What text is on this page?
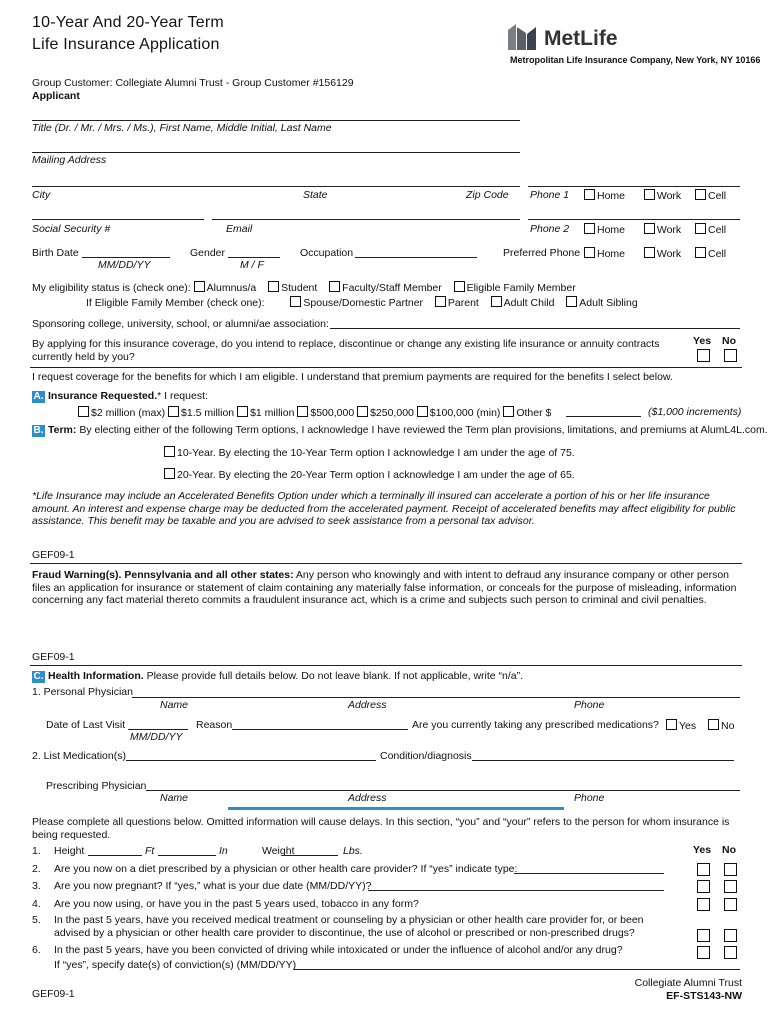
10-Year And 20-Year Term
Life Insurance Application	MetLife
Metropolitan Life Insurance Company, New York, NY 10166
Group Customer: Collegiate Alumni Trust - Group Customer #156129
Applicant
Title (Dr. / Mr. / Mrs. / Ms.), First Name, Middle Initial, Last Name
Mailing Address
City	State	Zip Code Phone 1	Home	Work	Cell
Social Security #	Email	Phone 2	Home	Work	Cell
Birth Date
MM/DD/YY
Gender
M / F
Occupation	Preferred Phone	Home	Work	Cell
My eligibility status is (check one): Alumnus/a Student Faculty/Staff Member Eligible Family Member
If Eligible Family Member (check one):	Spouse/Domestic Partner Parent Adult Child Adult Sibling
Sponsoring college, university, school, or alumni/ae association:
By applying for this insurance coverage, do you intend to replace, discontinue or change any existing life insurance or annuity contracts
currently held by you?
Yes No
I request coverage for the benefits for which I am eligible. I understand that premium payments are required for the benefits I select below.
A. Insurance Requested.* I request:
$2 million (max) $1.5 million $1 million $500,000 $250,000 $100,000 (min) Other $	($1,000 increments)
B. Term: By electing either of the following Term options, I acknowledge I have reviewed the Term plan provisions, limitations, and premiums at AlumL4L.com.
10-Year. By electing the 10-Year Term option I acknowledge I am under the age of 75.
20-Year. By electing the 20-Year Term option I acknowledge I am under the age of 65.
*Life Insurance may include an Accelerated Benefits Option under which a terminally ill insured can accelerate a portion of his or her life insurance amount. An interest and expense charge may be deducted from the accelerated payment. Receipt of accelerated benefits may affect eligibility for public assistance. This benefit may be taxable and you are advised to seek assistance from a personal tax advisor.
GEF09-1
Fraud Warning(s). Pennsylvania and all other states: Any person who knowingly and with intent to defraud any insurance company or other person files an application for insurance or statement of claim containing any materially false information, or conceals for the purpose of misleading, information concerning any fact material thereto commits a fraudulent insurance act, which is a crime and subjects such person to criminal and civil penalties.
GEF09-1
C. Health Information. Please provide full details below. Do not leave blank. If not applicable, write “n/a”.
1. Personal Physician
Name	Address	Phone
Date of Last Visit
MM/DD/YY
Reason	Are you currently taking any prescribed medications?	Yes No
2. List Medication(s)	Condition/diagnosis
Prescribing Physician
Name	Address	Phone
Please complete all questions below. Omitted information will cause delays. In this section, “you” and “your” refers to the person for whom insurance is being requested.
Yes No
1. Height	Ft	In	Weight	Lbs.
2. Are you now on a diet prescribed by a physician or other health care provider? If “yes” indicate type:
3. Are you now pregnant? If “yes,” what is your due date (MM/DD/YY)?
4. Are you now using, or have you in the past 5 years used, tobacco in any form?
5. In the past 5 years, have you received medical treatment or counseling by a physician or other health care provider for, or been advised by a physician or other health care provider to discontinue, the use of alcohol or prescribed or non-prescribed drugs?
6. In the past 5 years, have you been convicted of driving while intoxicated or under the influence of alcohol and/or any drug?
If “yes”, specify date(s) of conviction(s) (MM/DD/YY)
GEF09-1
Collegiate Alumni Trust
EF-STS143-NW
